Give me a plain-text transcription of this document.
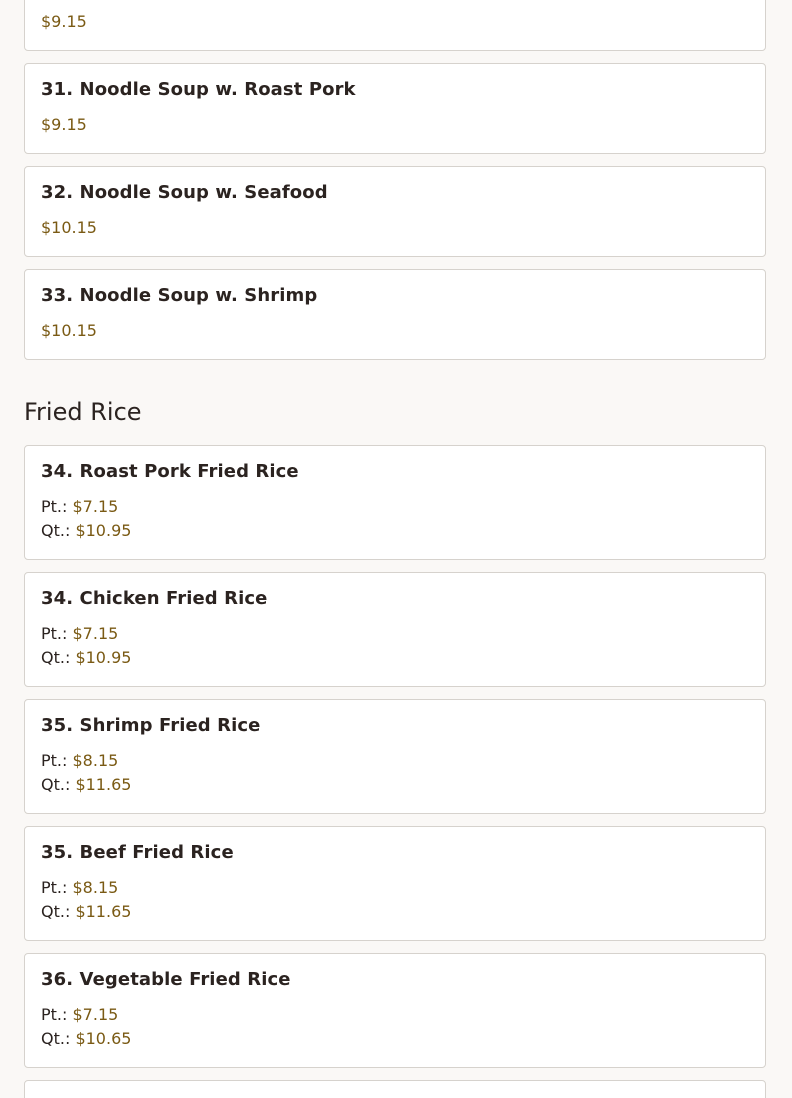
$9.15
31. Noodle Soup w. Roast Pork
$9.15
32. Noodle Soup w. Seafood
$10.15
33. Noodle Soup w. Shrimp
$10.15
Fried Rice
34. Roast Pork Fried Rice
Pt.: $7.15
Qt.: $10.95
34. Chicken Fried Rice
Pt.: $7.15
Qt.: $10.95
35. Shrimp Fried Rice
Pt.: $8.15
Qt.: $11.65
35. Beef Fried Rice
Pt.: $8.15
Qt.: $11.65
36. Vegetable Fried Rice
Pt.: $7.15
Qt.: $10.65
